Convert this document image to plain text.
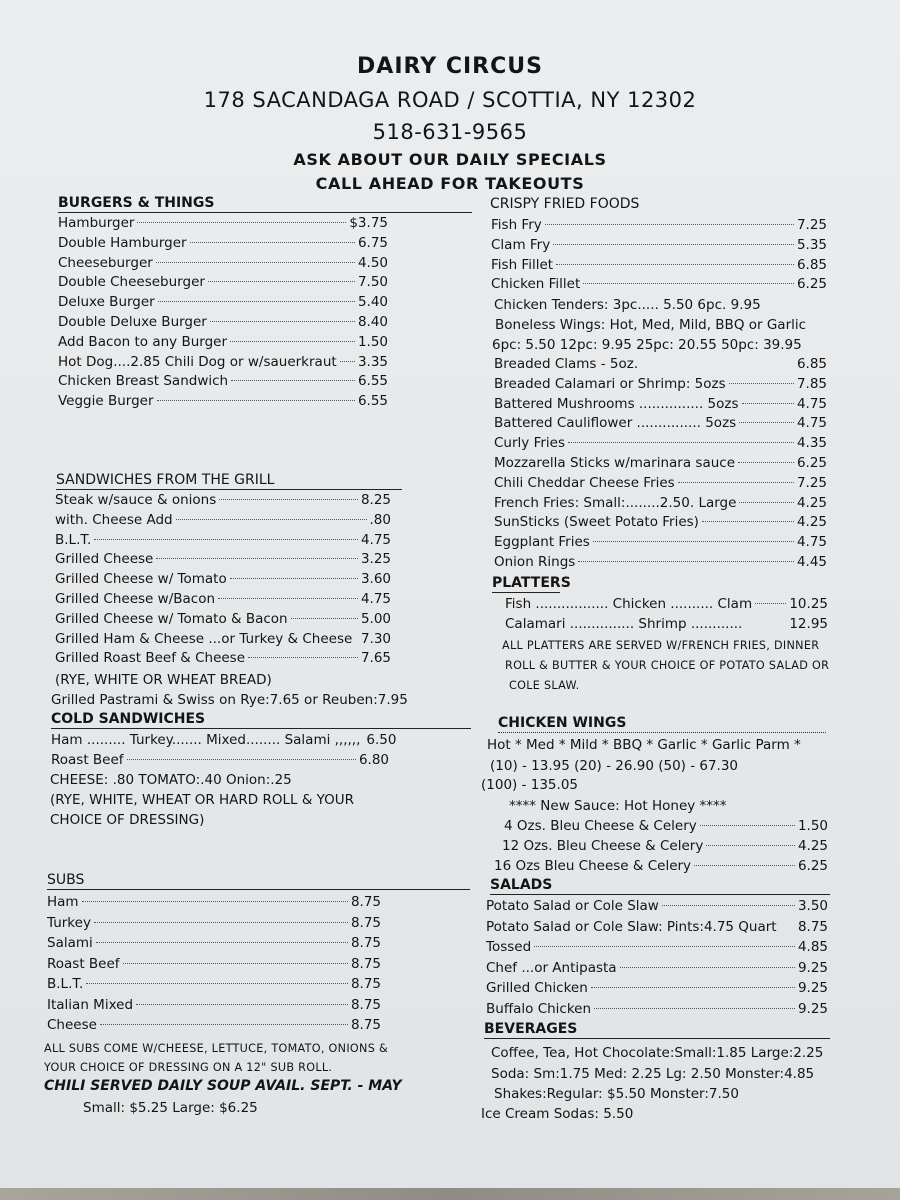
DAIRY CIRCUS
178 SACANDAGA ROAD / SCOTTIA, NY 12302
518-631-9565
ASK ABOUT OUR DAILY SPECIALS
CALL AHEAD FOR TAKEOUTS
BURGERS & THINGS
Hamburger	$3.75
Double Hamburger	6.75
Cheeseburger	4.50
Double Cheeseburger	7.50
Deluxe Burger	5.40
Double Deluxe Burger	8.40
Add Bacon to any Burger	1.50
Hot Dog....2.85 Chili Dog or w/sauerkraut 3.35
Chicken Breast Sandwich	6.55
Veggie Burger	6.55
SANDWICHES FROM THE GRILL
Steak w/sauce & onions	8.25
with. Cheese Add	.80
B.L.T.	4.75
Grilled Cheese	3.25
Grilled Cheese w/ Tomato	3.60
Grilled Cheese w/Bacon	4.75
Grilled Cheese w/ Tomato & Bacon	5.00
Grilled Ham & Cheese ...or Turkey & Cheese 7.30
Grilled Roast Beef & Cheese	7.65
(RYE, WHITE OR WHEAT BREAD)
Grilled Pastrami & Swiss on Rye:7.65 or Reuben:7.95
COLD SANDWICHES
Ham ......... Turkey....... Mixed........ Salami ,,,,,, 6.50
Roast Beef	6.80
CHEESE: .80 TOMATO:.40 Onion:.25
(RYE, WHITE, WHEAT OR HARD ROLL & YOUR
CHOICE OF DRESSING)
SUBS
Ham	8.75
Turkey	8.75
Salami	8.75
Roast Beef	8.75
B.L.T.	8.75
Italian Mixed	8.75
Cheese	8.75
ALL SUBS COME W/CHEESE, LETTUCE, TOMATO, ONIONS &
YOUR CHOICE OF DRESSING ON A 12" SUB ROLL.
CHILI SERVED DAILY SOUP AVAIL. SEPT. - MAY
Small: $5.25 Large: $6.25
CRISPY FRIED FOODS
Fish Fry	7.25
Clam Fry	5.35
Fish Fillet	6.85
Chicken Fillet	6.25
Chicken Tenders: 3pc..... 5.50 6pc. 9.95
Boneless Wings: Hot, Med, Mild, BBQ or Garlic
6pc: 5.50 12pc: 9.95 25pc: 20.55 50pc: 39.95
Breaded Clams - 5oz.	6.85
Breaded Calamari or Shrimp: 5ozs	7.85
Battered Mushrooms ............... 5ozs	4.75
Battered Cauliflower ............... 5ozs	4.75
Curly Fries	4.35
Mozzarella Sticks w/marinara sauce	6.25
Chili Cheddar Cheese Fries	7.25
French Fries: Small:........2.50. Large	4.25
SunSticks (Sweet Potato Fries)	4.25
Eggplant Fries	4.75
Onion Rings	4.45
PLATTERS
Fish ................. Chicken .......... Clam	10.25
Calamari ............... Shrimp ............	12.95
ALL PLATTERS ARE SERVED W/FRENCH FRIES, DINNER
ROLL & BUTTER & YOUR CHOICE OF POTATO SALAD OR
COLE SLAW.
CHICKEN WINGS
Hot * Med * Mild * BBQ * Garlic * Garlic Parm *
(10) - 13.95 (20) - 26.90 (50) - 67.30
(100) - 135.05
**** New Sauce: Hot Honey ****
4 Ozs. Bleu Cheese & Celery	1.50
12 Ozs. Bleu Cheese & Celery	4.25
16 Ozs Bleu Cheese & Celery	6.25
SALADS
Potato Salad or Cole Slaw	3.50
Potato Salad or Cole Slaw: Pints:4.75 Quart 8.75
Tossed	4.85
Chef ...or Antipasta	9.25
Grilled Chicken	9.25
Buffalo Chicken	9.25
BEVERAGES
Coffee, Tea, Hot Chocolate:Small:1.85 Large:2.25
Soda: Sm:1.75 Med: 2.25 Lg: 2.50 Monster:4.85
Shakes:Regular: $5.50 Monster:7.50
Ice Cream Sodas: 5.50
